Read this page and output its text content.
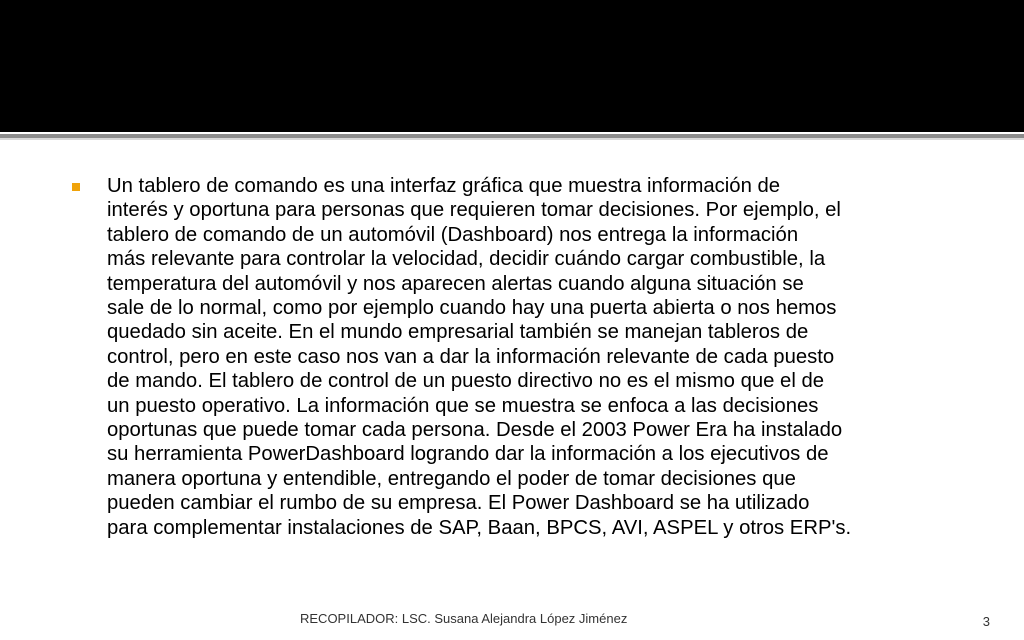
Un tablero de comando es una interfaz gráfica que muestra información de
interés y oportuna para personas que requieren tomar decisiones. Por ejemplo, el
tablero de comando de un automóvil (Dashboard) nos entrega la información
más relevante para controlar la velocidad, decidir cuándo cargar combustible, la
temperatura del automóvil y nos aparecen alertas cuando alguna situación se
sale de lo normal, como por ejemplo cuando hay una puerta abierta o nos hemos
quedado sin aceite. En el mundo empresarial también se manejan tableros de
control, pero en este caso nos van a dar la información relevante de cada puesto
de mando. El tablero de control de un puesto directivo no es el mismo que el de
un puesto operativo. La información que se muestra se enfoca a las decisiones
oportunas que puede tomar cada persona. Desde el 2003 Power Era ha instalado
su herramienta PowerDashboard logrando dar la información a los ejecutivos de
manera oportuna y entendible, entregando el poder de tomar decisiones que
pueden cambiar el rumbo de su empresa. El Power Dashboard se ha utilizado
para complementar instalaciones de SAP, Baan, BPCS, AVI, ASPEL y otros ERP's.
RECOPILADOR: LSC. Susana Alejandra López Jiménez	3
